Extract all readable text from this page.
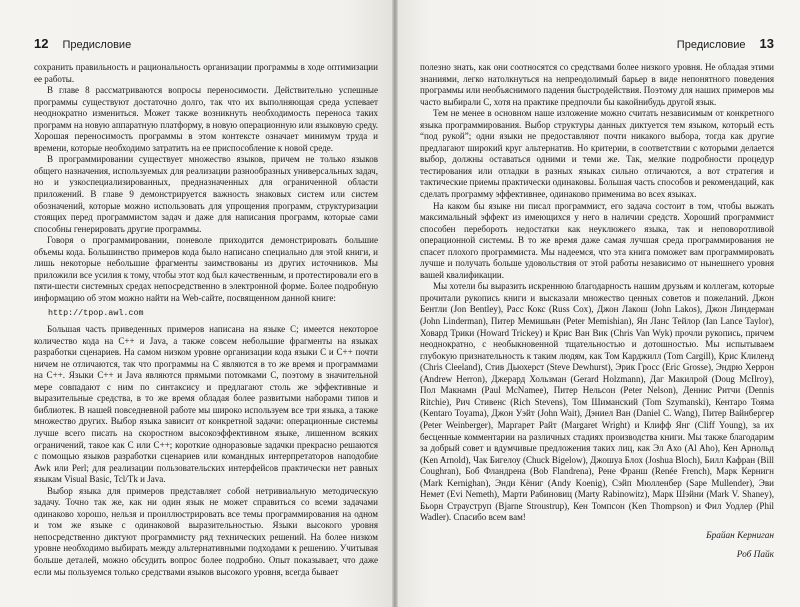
12 Предисловие

сохранить правильность и рациональность организации программы в ходе оптимизации ее работы.

В главе 8 рассматриваются вопросы переносимости. Действительно успешные программы существуют достаточно долго, так что их выполняющая среда успевает неоднократно измениться. Может также возникнуть необходимость переноса таких программ на новую аппаратную платформу, в новую операционную или языковую среду. Хорошая переносимость программы в этом контексте означает минимум труда и времени, которые необходимо затратить на ее приспособление к новой среде.

В программировании существует множество языков, причем не только языков общего назначения, используемых для реализации разнообразных универсальных задач, но и узкоспециализированных, предназначенных для ограниченной области приложений. В главе 9 демонстрируется важность знаковых систем или систем обозначений, которые можно использовать для упрощения программ, структуризации стоящих перед программистом задач и даже для написания программ, которые сами способны генерировать другие программы.

Говоря о программировании, поневоле приходится демонстрировать большие объемы кода. Большинство примеров кода было написано специально для этой книги, и лишь некоторые небольшие фрагменты заимствованы из других источников. Мы приложили все усилия к тому, чтобы этот код был качественным, и протестировали его в пяти-шести системных средах непосредственно в электронной форме. Более подробную информацию об этом можно найти на Web-сайте, посвященном данной книге:

http://tpop.awl.com

Большая часть приведенных примеров написана на языке C; имеется некоторое количество кода на C++ и Java, а также совсем небольшие фрагменты на языках разработки сценариев. На самом низком уровне организации кода языки C и C++ почти ничем не отличаются, так что программы на C являются в то же время и программами на C++. Языки C++ и Java являются прямыми потомками C, поэтому в значительной мере совпадают с ним по синтаксису и предлагают столь же эффективные и выразительные средства, в то же время обладая более развитыми наборами типов и библиотек. В нашей повседневной работе мы широко используем все три языка, а также множество других. Выбор языка зависит от конкретной задачи: операционные системы лучше всего писать на скоростном высокоэффективном языке, лишенном всяких ограничений, такое как C или C++; короткие одноразовые задачки прекрасно решаются с помощью языков разработки сценариев или командных интерпретаторов наподобие Awk или Perl; для реализации пользовательских интерфейсов практически нет равных языкам Visual Basic, Tcl/Tk и Java.

Выбор языка для примеров представляет собой нетривиальную методическую задачу. Точно так же, как ни один язык не может справиться со всеми задачами одинаково хорошо, нельзя и проиллюстрировать все темы программирования на одном и том же языке с одинаковой выразительностью. Языки высокого уровня непосредственно диктуют программисту ряд технических решений. На более низком уровне необходимо выбирать между альтернативными подходами к решению. Учитывая больше деталей, можно обсудить вопрос более подробно. Опыт показывает, что даже если мы пользуемся только средствами языков высокого уровня, всегда бывает

Предисловие 13

полезно знать, как они соотносятся со средствами более низкого уровня. Не обладая этими знаниями, легко натолкнуться на непреодолимый барьер в виде непонятного поведения программы или необъяснимого падения быстродействия. Поэтому для наших примеров мы часто выбирали C, хотя на практике предпочли бы какойнибудь другой язык.

Тем не менее в основном наше изложение можно считать независимым от конкретного языка программирования. Выбор структуры данных диктуется тем языком, который есть “под рукой”; одни языки не предоставляют почти никакого выбора, тогда как другие предлагают широкий круг альтернатив. Но критерии, в соответствии с которыми делается выбор, должны оставаться одними и теми же. Так, мелкие подробности процедур тестирования или отладки в разных языках сильно отличаются, а вот стратегия и тактические приемы практически одинаковы. Большая часть способов и рекомендаций, как сделать программу эффективнее, одинаково применима во всех языках.

На каком бы языке ни писал программист, его задача состоит в том, чтобы выжать максимальный эффект из имеющихся у него в наличии средств. Хороший программист способен перебороть недостатки как неуклюжего языка, так и неповоротливой операционной системы. В то же время даже самая лучшая среда программирования не спасет плохого программиста. Мы надеемся, что эта книга поможет вам программировать лучше и получать больше удовольствия от этой работы независимо от нынешнего уровня вашей квалификации.

Мы хотели бы выразить искреннюю благодарность нашим друзьям и коллегам, которые прочитали рукопись книги и высказали множество ценных советов и пожеланий. Джон Бентли (Jon Bentley), Расс Кокс (Russ Cox), Джон Лакош (John Lakos), Джон Линдерман (John Linderman), Питер Мемишьян (Peter Memishian), Ян Ланс Тейлор (Ian Lance Taylor), Ховард Трики (Howard Trickey) и Крис Ван Вик (Chris Van Wyk) прочли рукопись, причем неоднократно, с необыкновенной тщательностью и дотошностью. Мы испытываем глубокую признательность к таким людям, как Том Карджилл (Tom Cargill), Крис Клиленд (Chris Cleeland), Стив Дьюхерст (Steve Dewhurst), Эрик Гросс (Eric Grosse), Эндрю Херрон (Andrew Herron), Джерард Хользман (Gerard Holzmann), Даг Макилрой (Doug McIlroy), Пол Макнамн (Paul McNamee), Питер Нельсон (Peter Nelson), Деннис Ритчи (Dennis Ritchie), Рич Стивенс (Rich Stevens), Том Шиманский (Tom Szymanski), Кентаро Тояма (Kentaro Toyama), Джон Уэйт (John Wait), Дэниел Ван (Daniel C. Wang), Питер Вайнбергер (Peter Weinberger), Маргарет Райт (Margaret Wright) и Клифф Янг (Cliff Young), за их бесценные комментарии на различных стадиях производства книги. Мы также благодарим за добрый совет и вдумчивые предложения таких лиц, как Эл Ахо (Al Aho), Кен Арнольд (Ken Arnold), Чак Бигелоу (Chuck Bigelow), Джошуа Блох (Joshua Bloch), Билл Кафран (Bill Coughran), Боб Фландрена (Bob Flandrena), Рене Франш (Renée French), Марк Кернигн (Mark Kernighan), Энди Кёниг (Andy Koenig), Сэйп Мюлленбер (Sape Mullender), Эви Немет (Evi Nemeth), Марти Рабиновиц (Marty Rabinowitz), Марк Шэйни (Mark V. Shaney), Бьорн Страуструп (Bjarne Stroustrup), Кен Томпсон (Ken Thompson) и Фил Уодлер (Phil Wadler). Спасибо всем вам!

Брайан Керниган
Роб Пайк
